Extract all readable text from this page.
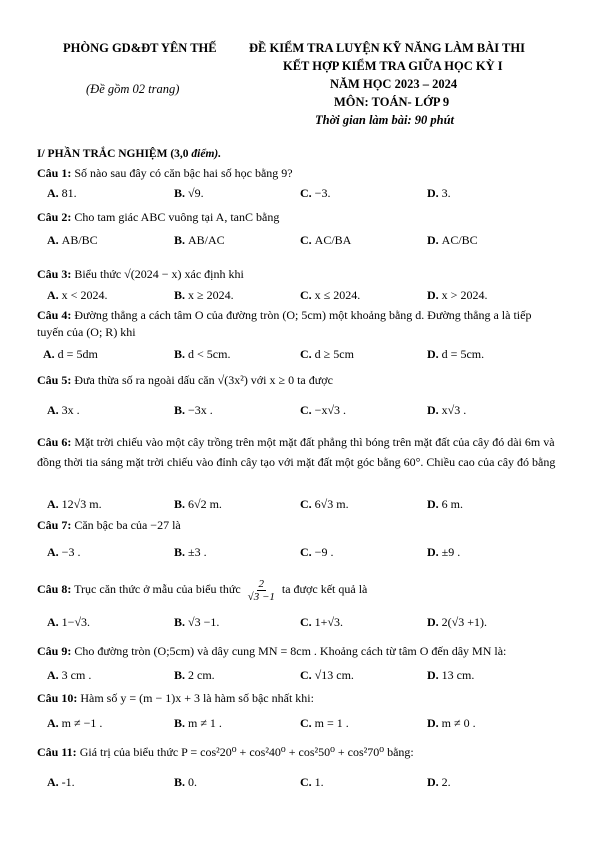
PHÒNG GD&ĐT YÊN THẾ
(Đề gồm 02 trang)
ĐỀ KIỂM TRA LUYỆN KỸ NĂNG LÀM BÀI THI
KẾT HỢP KIỂM TRA GIỮA HỌC KỲ I
NĂM HỌC 2023 – 2024
MÔN: TOÁN- LỚP 9
Thời gian làm bài: 90 phút
I/ PHẦN TRẮC NGHIỆM (3,0 điểm).
Câu 1: Số nào sau đây có căn bậc hai số học bằng 9?
A. 81.	B. √9.	C. −3.	D. 3.
Câu 2: Cho tam giác ABC vuông tại A, tanC bằng
A. AB/BC	B. AB/AC	C. AC/BA	D. AC/BC
Câu 3: Biểu thức √(2024 − x) xác định khi
A. x < 2024.	B. x ≥ 2024.	C. x ≤ 2024.	D. x > 2024.
Câu 4: Đường thẳng a cách tâm O của đường tròn (O; 5cm) một khoảng bằng d. Đường thẳng a là tiếp tuyến của (O; R) khi
A. d = 5dm	B. d < 5cm.	C. d ≥ 5cm	D. d = 5cm.
Câu 5: Đưa thừa số ra ngoài dấu căn √(3x²) với x ≥ 0 ta được
A. 3x .	B. −3x .	C. −x√3 .	D. x√3 .
Câu 6: Mặt trời chiếu vào một cây trồng trên một mặt đất phẳng thì bóng trên mặt đất của cây đó dài 6m và đồng thời tia sáng mặt trời chiếu vào đỉnh cây tạo với mặt đất một góc bằng 60°. Chiều cao của cây đó bằng
A. 12√3 m.	B. 6√2 m.	C. 6√3 m.	D. 6 m.
Câu 7: Căn bậc ba của −27 là
A. −3 .	B. ±3 .	C. −9 .	D. ±9 .
Câu 8: Trục căn thức ở mẫu của biểu thức $\frac{2}{√3 -1}$ ta được kết quả là
A. 1−√3.	B. √3 −1.	C. 1+√3.	D. 2(√3 +1).
Câu 9: Cho đường tròn (O;5cm) và dây cung MN = 8cm . Khoảng cách từ tâm O đến dây MN là:
A. 3 cm .	B. 2 cm.	C. √13 cm.	D. 13 cm.
Câu 10: Hàm số y = (m − 1)x + 3 là hàm số bậc nhất khi:
A. m ≠ −1 .	B. m ≠ 1 .	C. m = 1 .	D. m ≠ 0 .
Câu 11: Giá trị của biểu thức P = cos²20⁰ + cos²40⁰ + cos²50⁰ + cos²70⁰ bằng:
A. -1.	B. 0.	C. 1.	D. 2.
